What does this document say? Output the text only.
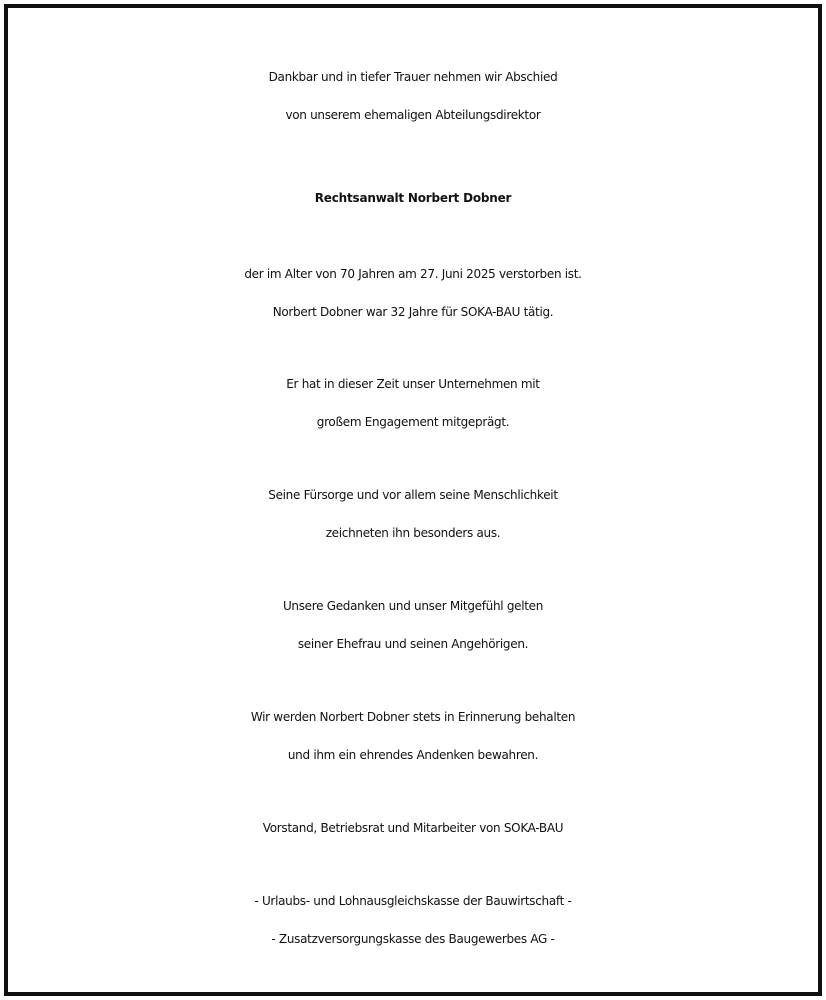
Dankbar und in tiefer Trauer nehmen wir Abschied
von unserem ehemaligen Abteilungsdirektor
Rechtsanwalt Norbert Dobner
der im Alter von 70 Jahren am 27. Juni 2025 verstorben ist.
Norbert Dobner war 32 Jahre für SOKA-BAU tätig.
Er hat in dieser Zeit unser Unternehmen mit
großem Engagement mitgeprägt.
Seine Fürsorge und vor allem seine Menschlichkeit
zeichneten ihn besonders aus.
Unsere Gedanken und unser Mitgefühl gelten
seiner Ehefrau und seinen Angehörigen.
Wir werden Norbert Dobner stets in Erinnerung behalten
und ihm ein ehrendes Andenken bewahren.
Vorstand, Betriebsrat und Mitarbeiter von SOKA-BAU
- Urlaubs- und Lohnausgleichskasse der Bauwirtschaft -
- Zusatzversorgungskasse des Baugewerbes AG -
